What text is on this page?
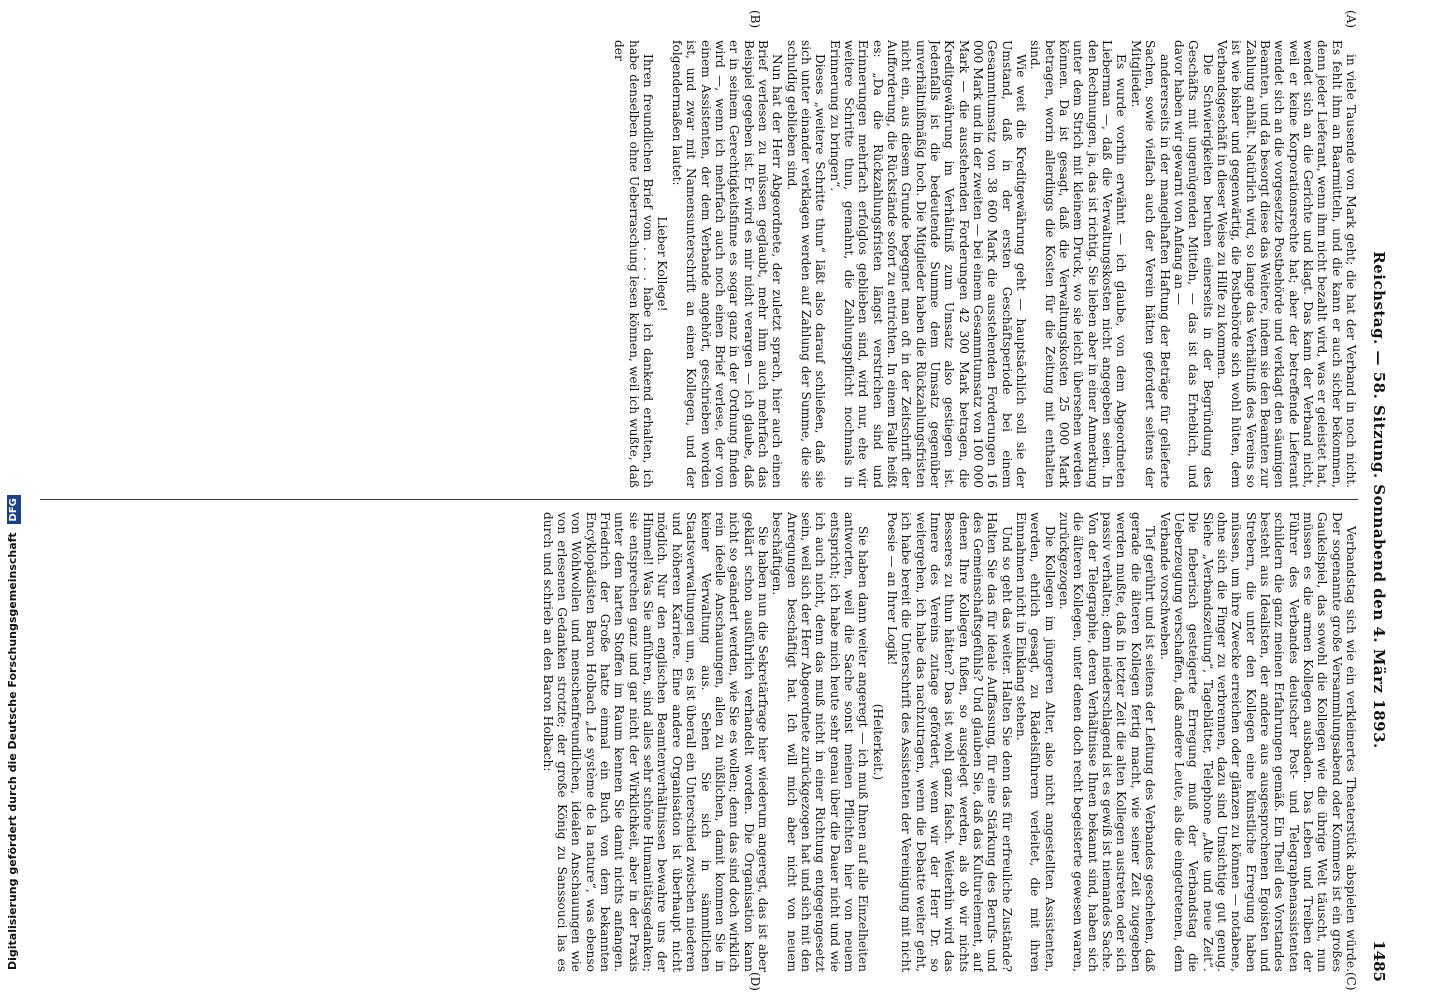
Reichstag. — 58. Sitzung. Sonnabend den 4. März 1893.
1485
(A)
(B)
(C)
(D)

in viele Tausende von Mark geht; die hat der Verband in noch nicht. Es fehlt ihm an Baarmitteln, und die kann er auch sicher bekommen, denn jeder Lieferant, wenn ihm nicht bezahlt wird, was er geleistet hat, wendet sich an die Gerichte und klagt. Das kann der Verband nicht, weil er keine Korporationsrechte hat; aber der betreffende Lieferant wendet sich an die vorgesetzte Postbehörde und verklagt den säumigen Beamten, und da besorgt diese das Weitere, indem sie den Beamten zur Zahlung anhält. Natürlich wird, so lange das Verhältniß des Vereins so ist wie bisher und gegenwärtig, die Postbehörde sich wohl hüten, dem Verbandsgeschäft in dieser Weise zu Hilfe zu kommen.

Die Schwierigkeiten beruhen einerseits in der Begründung des Geschäfts mit ungenügenden Mitteln, — das ist das Erheblich, und davor haben wir gewarnt von Anfang an —

andererseits in der mangelhaften Haftung der Beträge für gelieferte Sachen, sowie vielfach auch der Verein hätten gefordert seitens der Mitglieder.

Es wurde vorhin erwähnt — ich glaube, von dem Abgeordneten Lieberman —, daß die Verwaltungskosten nicht angegeben seien. In den Rechnungen, ja, das ist richtig. Sie lieben aber in einer Anmerkung unter dem Strich mit kleinem Druck, wo sie leicht übersehen werden können. Da ist gesagt, daß die Verwaltungskosten 25 000 Mark betragen, worin allerdings die Kosten für die Zeitung mit enthalten sind.

Wie weit die Kreditgewährung geht — hauptsächlich soll sie der Umstand, daß in der ersten Geschäftsperiode bei einem Gesammtumsatz von 38 600 Mark die ausstehenden Forderungen 16 000 Mark und in der zweiten — bei einem Gesammtumsatz von 100 000 Mark — die ausstehenden Forderungen 42 300 Mark betragen, die Kreditgewährung im Verhältniß zum Umsatz also gestiegen ist. Jedenfalls ist die bedeutende Summe dem Umsatz gegenüber unverhältnißmäßig hoch. Die Mitglieder haben die Rückzahlungsfristen nicht ein, aus diesem Grunde begegnet man oft in der Zeitschrift der Aufforderung, die Rückstände sofort zu entrichten. In einem Falle heißt es: „Da die Rückzahlungsfristen längst verstrichen sind und Erinnerungen mehrfach erfolglos geblieben sind, wird nur, ehe wir weitere Schritte thun, gemahnt, die Zahlungspflicht nochmals in Erinnerung zu bringen“.

Dieses „weitere Schritte thun“ läßt also darauf schließen, daß sie sich unter einander verklagen werden auf Zahlung der Summe, die sie schuldig geblieben sind.

Nun hat der Herr Abgeordnete, der zuletzt sprach, hier auch einen Brief verlesen zu müssen geglaubt, mehr ihm auch mehrfach das Beispiel gegeben ist. Er wird es mir nicht verargen — ich glaube, daß er in seinem Gerechtigkeitsfinne es sogar ganz in der Ordnung finden wird —, wenn ich mehrfach auch noch einen Brief verlese, der von einem Assistenten, der dem Verbande angehört, geschrieben worden ist, und zwar mit Namensunterschrift an einen Kollegen, und der folgendermaßen lautet:

Lieber Kollege!

Ihren freundlichen Brief vom . . . . habe ich dankend erhalten, ich habe denselben ohne Ueberraschung lesen können, weil ich wußte, daß der

Verbandstag sich wie ein verkleinertes Theaterstück abspielen würde. Der sogenannte große Versammlungsabend oder Kommers ist ein großes Gaukelspiel, das sowohl die Kollegen wie die übrige Welt täuscht, nun müssen es die armen Kollegen ausbaden. Das Leben und Treiben der Führer des Verbandes deutscher Post- und Telegraphenassistenten schildern die ganz meinen Erfahrungen gemäß. Ein Theil des Vorstandes besteht aus Idealisten, der andere aus ausgesprochenen Egoisten und Strebern, die unter den Kollegen eine künstliche Erregung haben müssen, um ihre Zwecke erreichen oder glänzen zu können — notabene, ohne sich die Finger zu verbrennen, dazu sind Umsichtige gut genug. Siehe „Verbandszeitung“, Tageblätter, Telephone „Alte und neue Zeit“. Die fieberisch gesteigerte Erregung muß der Verbandstag die Ueberzeugung verschaffen, daß andere Leute, als die eingetretenen, dem Verbande vorschweben.

Tief gerührt und ist seitens der Leitung des Verbandes geschehen, daß gerade die älteren Kollegen fertig macht, wie seiner Zeit zugegeben werden mußte, daß in letzter Zeit die alten Kollegen austreten oder sich passiv verhalten; denn niederschlagend ist es gewiß ist niemandes Sache. Von der Telegraphie, deren Verhältnisse Ihnen bekannt sind, haben sich die älteren Kollegen, unter denen doch recht begeisterte gewesen waren, zurückgezogen.

Die Kollegen im jüngeren Alter, also nicht angestellten Assistenten, werden, ehrlich gesagt, zu Rädelsführern verleitet, die mit ihren Einnahmen nicht in Einklang stehen.

Und so geht das weiter. Halten Sie denn das für erfreuliche Zustände? Halten Sie das für ideale Auffassung, für eine Stärkung des Berufs- und des Gemeinschaftsgefühls? Und glauben Sie, daß das Kulturelement, auf denen Ihre Kollegen fußen, so ausgelegt werden, als ob wir nichts Besseres zu thun hätten? Das ist wohl ganz falsch. Weiterhin wird das Innere des Vereins zutage gefördert, wenn wir der Herr Dr. so weitergehen, ich habe das nachzutragen, wenn die Debatte weiter geht, ich habe bereit die Unterschrift des Assistenten der Vereinigung mit nicht Poesie — an Ihrer Logik!

(Heiterkeit.)

Sie haben dann weiter angeregt — ich muß Ihnen auf alle Einzelheiten antworten, weil die Sache sonst meinen Pflichten hier von neuem entspricht; ich habe mich heute sehr genau über die Dauer nicht und wie ich auch nicht, denn das muß nicht in einer Richtung entgegengesetzt sein, weil sich der Herr Abgeordnete zurückgezogen hat und sich mit den Anregungen beschäftigt hat. Ich will mich aber nicht von neuem beschäftigen.

Sie haben nun die Sekretärfrage hier wiederum angeregt, das ist aber geklärt schon ausführlich verhandelt worden. Die Organisation kann nicht so geändert werden, wie Sie es wollen; denn das sind doch wirklich rein ideelle Anschauungen, allen zu nüßlichen, damit kommen Sie in keiner Verwaltung aus. Sehen Sie sich in sämmtlichen Staatsverwaltungen um, es ist überall ein Unterschied zwischen niederen und höheren Karriere. Eine andere Organisation ist überhaupt nicht möglich. Nur den englischen Beamtenverhältnissen bewahre uns der Himmel! Was Sie anführen, sind alles sehr schöne Humanitätsgedanken; sie entsprechen ganz und gar nicht der Wirklichkeit, aber in der Praxis unter dem harten Stoffen im Raum kennen Sie damit nichts anfangen. Friedrich der Große hatte einmal ein Buch von dem bekannten Encyklopädisten Baron Holbach „Le système de la nature“, was ebenso von Wohlwollen und menschenfreundlichen, idealen Anschauungen wie von erlesenen Gedanken strotzte; der große König zu Sanssouci las es durch und schrieb an den Baron Holbach:

Digitalisierung gefördert durch die Deutsche Forschungsgemeinschaft DFG
